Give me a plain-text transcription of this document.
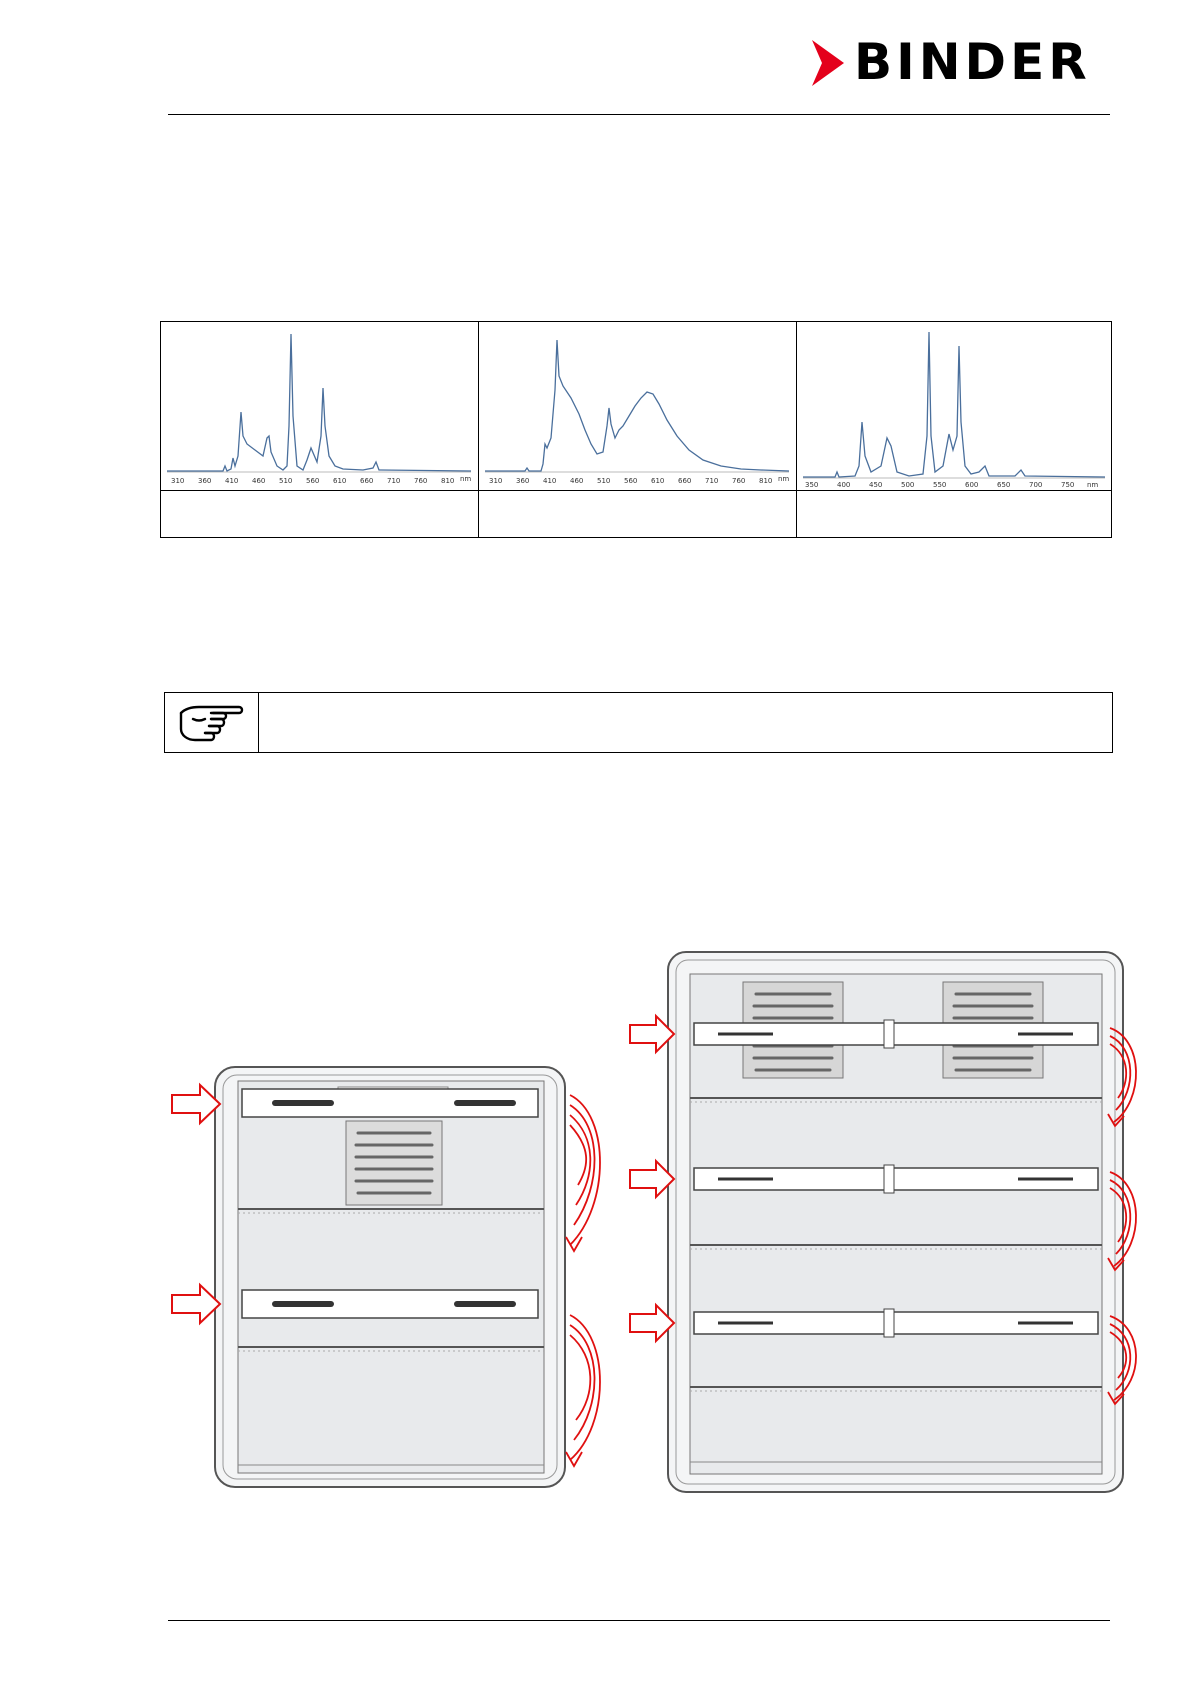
BINDER
310 360 410 460 510 560 610 660 710 760 810 nm	310 360 410 460 510 560 610 660 710 760 810 nm
350	400	450	500	550	600	650	700	750 nm
